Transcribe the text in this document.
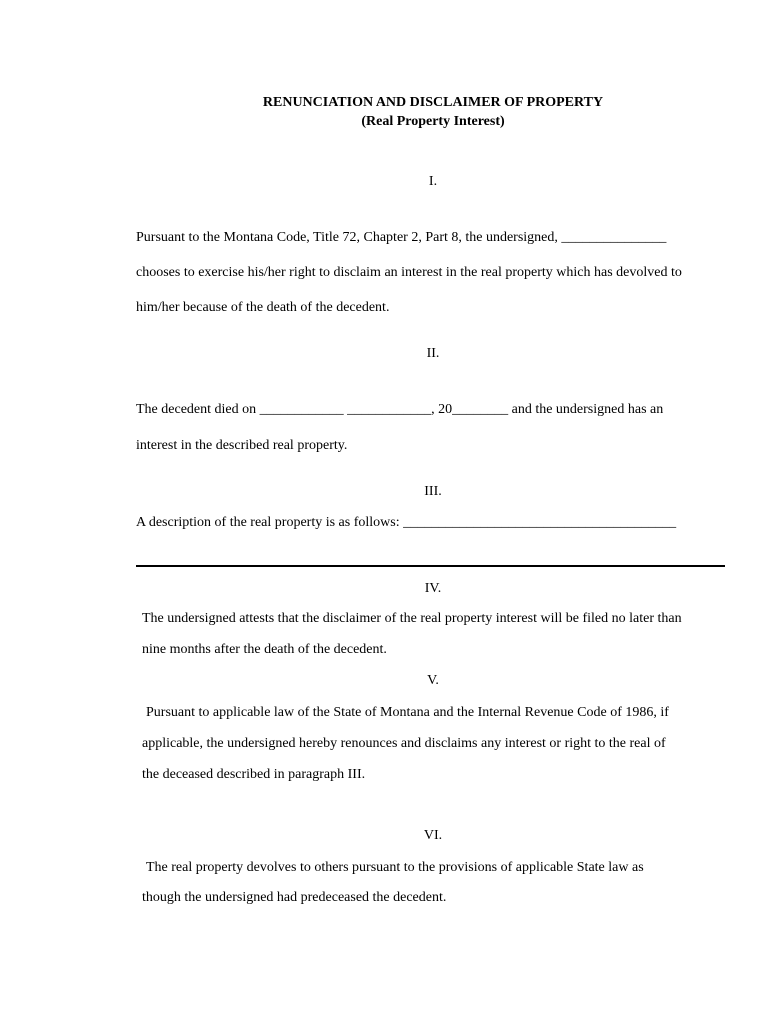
RENUNCIATION AND DISCLAIMER OF PROPERTY
(Real Property Interest)
I.
Pursuant to the Montana Code, Title 72, Chapter 2, Part 8, the undersigned, _______________
chooses to exercise his/her right to disclaim an interest in the real property which has devolved to
him/her because of the death of the decedent.
II.
The decedent died on ____________ ____________, 20________ and the undersigned has an
interest in the described real property.
III.
A description of the real property is as follows: _______________________________________
IV.
The undersigned attests that the disclaimer of the real property interest will be filed no later than
nine months after the death of the decedent.
V.
Pursuant to applicable law of the State of Montana and the Internal Revenue Code of 1986, if
applicable, the undersigned hereby renounces and disclaims any interest or right to the real of
the deceased described in paragraph III.
VI.
The real property devolves to others pursuant to the provisions of applicable State law as
though the undersigned had predeceased the decedent.
